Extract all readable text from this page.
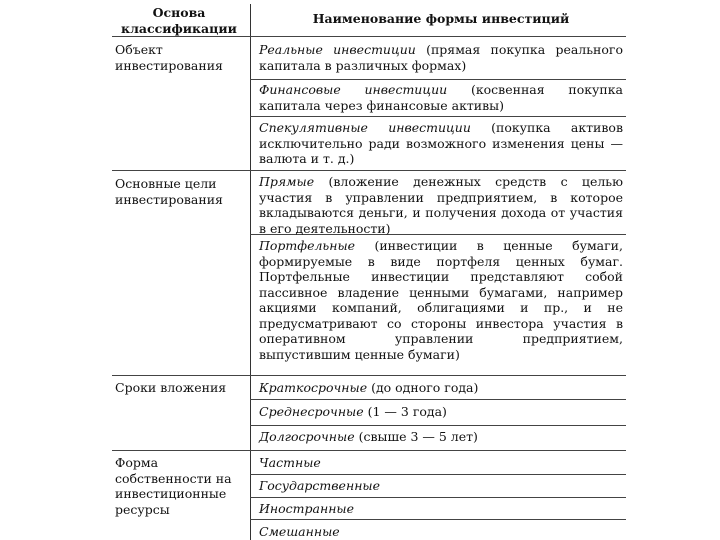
Основа
классификации
Наименование формы инвестиций
Объект инвестирования
Основные цели инвестирования
Сроки вложения
Форма собственности на инвестиционные ресурсы
Реальные инвестиции (прямая покупка реального капитала в различных формах)
Финансовые инвестиции (косвенная покупка капитала через финансовые активы)
Спекулятивные инвестиции (покупка активов исключительно ради возможного изменения цены — валюта и т. д.)
Прямые (вложение денежных средств с целью участия в управлении предприятием, в которое вкладываются деньги, и получения дохода от участия в его деятельности)
Портфельные (инвестиции в ценные бумаги, формируемые в виде портфеля ценных бумаг. Портфельные инвестиции представляют собой пассивное владение ценными бумагами, например акциями компаний, облигациями и пр., и не предусматривают со стороны инвестора участия в оперативном управлении предприятием, выпустившим ценные бумаги)
Краткосрочные (до одного года)
Среднесрочные (1 — 3 года)
Долгосрочные (свыше 3 — 5 лет)
Частные
Государственные
Иностранные
Смешанные
